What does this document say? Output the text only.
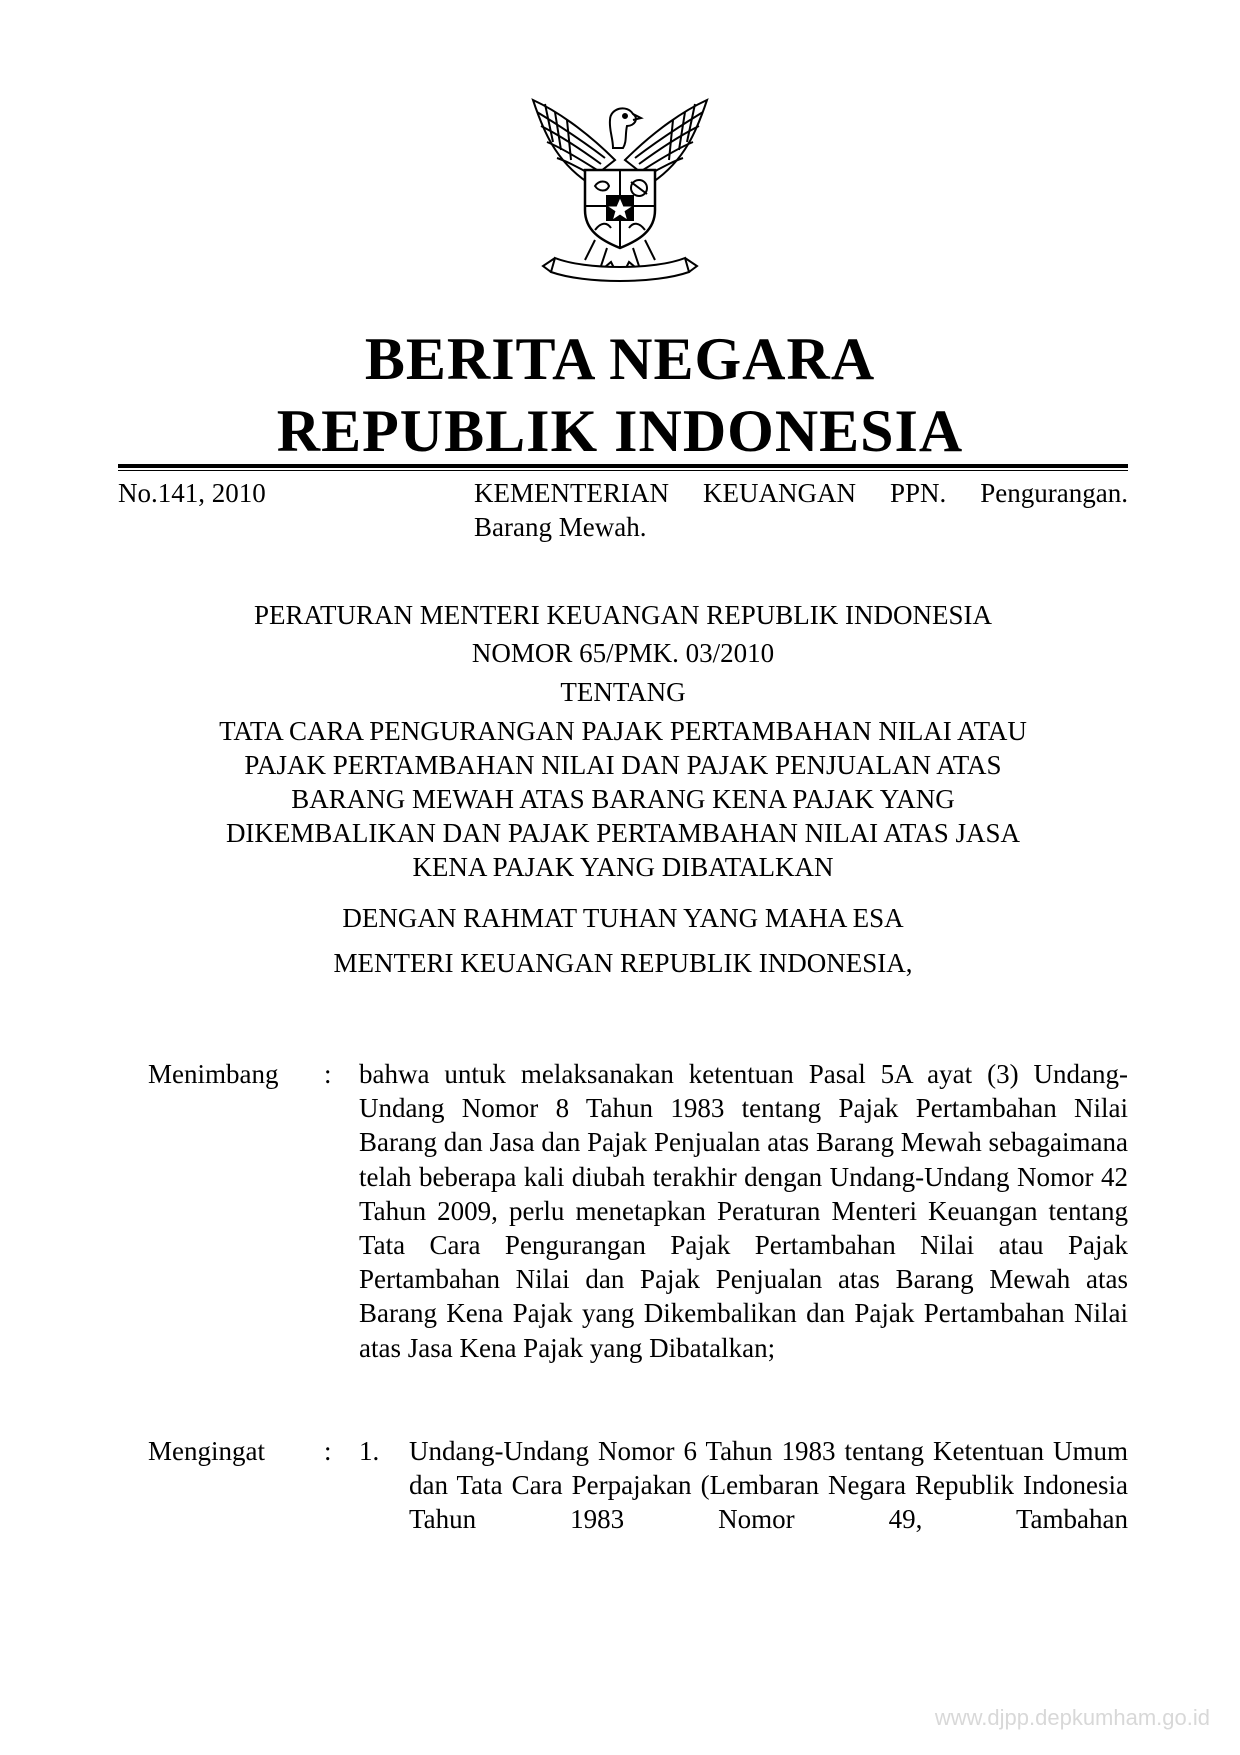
BERITA NEGARA
REPUBLIK INDONESIA
No.141, 2010	KEMENTERIAN KEUANGAN PPN. Pengurangan. Barang Mewah.
PERATURAN MENTERI KEUANGAN REPUBLIK INDONESIA
NOMOR 65/PMK. 03/2010
TENTANG
TATA CARA PENGURANGAN PAJAK PERTAMBAHAN NILAI ATAU
PAJAK PERTAMBAHAN NILAI DAN PAJAK PENJUALAN ATAS
BARANG MEWAH ATAS BARANG KENA PAJAK YANG
DIKEMBALIKAN DAN PAJAK PERTAMBAHAN NILAI ATAS JASA
KENA PAJAK YANG DIBATALKAN
DENGAN RAHMAT TUHAN YANG MAHA ESA
MENTERI KEUANGAN REPUBLIK INDONESIA,
Menimbang : bahwa untuk melaksanakan ketentuan Pasal 5A ayat (3) Undang-Undang Nomor 8 Tahun 1983 tentang Pajak Pertambahan Nilai Barang dan Jasa dan Pajak Penjualan atas Barang Mewah sebagaimana telah beberapa kali diubah terakhir dengan Undang-Undang Nomor 42 Tahun 2009, perlu menetapkan Peraturan Menteri Keuangan tentang Tata Cara Pengurangan Pajak Pertambahan Nilai atau Pajak Pertambahan Nilai dan Pajak Penjualan atas Barang Mewah atas Barang Kena Pajak yang Dikembalikan dan Pajak Pertambahan Nilai atas Jasa Kena Pajak yang Dibatalkan;
Mengingat : 1. Undang-Undang Nomor 6 Tahun 1983 tentang Ketentuan Umum dan Tata Cara Perpajakan (Lembaran Negara Republik Indonesia Tahun 1983 Nomor 49, Tambahan
www.djpp.depkumham.go.id
